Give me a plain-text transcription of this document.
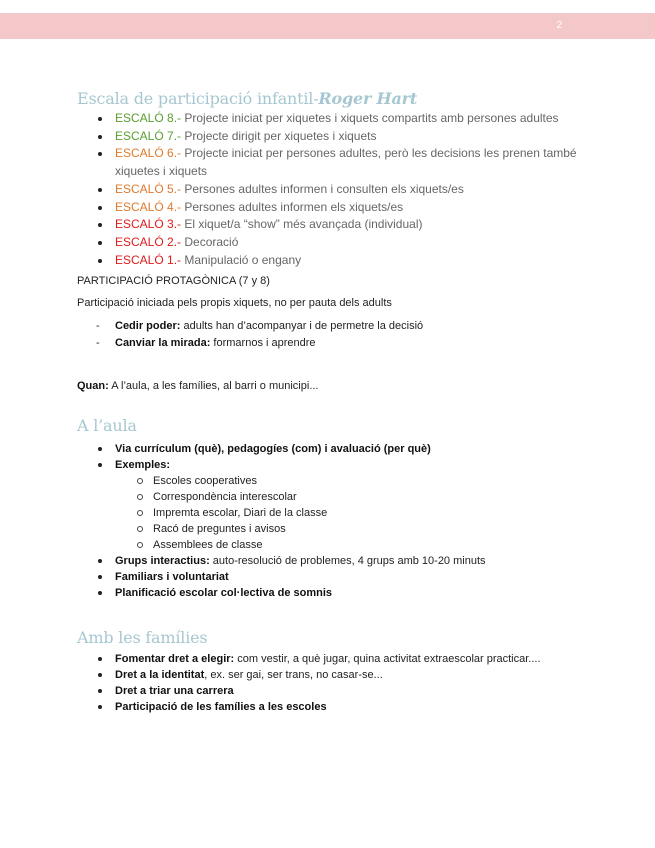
2
Escala de participació infantil-Roger Hart
ESCALÓ 8.- Projecte iniciat per xiquetes i xiquets compartits amb persones adultes
ESCALÓ 7.- Projecte dirigit per xiquetes i xiquets
ESCALÓ 6.- Projecte iniciat per persones adultes, però les decisions les prenen també xiquetes i xiquets
ESCALÓ 5.- Persones adultes informen i consulten els xiquets/es
ESCALÓ 4.- Persones adultes informen els xiquets/es
ESCALÓ 3.- El xiquet/a “show” més avançada (individual)
ESCALÓ 2.- Decoració
ESCALÓ 1.- Manipulació o engany

PARTICIPACIÓ PROTAGÒNICA (7 y 8)

Participació iniciada pels propis xiquets, no per pauta dels adults

- Cedir poder: adults han d’acompanyar i de permetre la decisió
- Canviar la mirada: formarnos i aprendre

Quan: A l’aula, a les famílies, al barri o municipi...

A l’aula
Via currículum (què), pedagogíes (com) i avaluació (per què)
Exemples:
Escoles cooperatives
Correspondència interescolar
Impremta escolar, Diari de la classe
Racó de preguntes i avisos
Assemblees de classe
Grups interactius: auto-resolució de problemes, 4 grups amb 10-20 minuts
Familiars i voluntariat
Planificació escolar col·lectiva de somnis
Amb les famílies
Fomentar dret a elegir: com vestir, a què jugar, quina activitat extraescolar practicar....
Dret a la identitat, ex. ser gai, ser trans, no casar-se...
Dret a triar una carrera
Participació de les famílies a les escoles
